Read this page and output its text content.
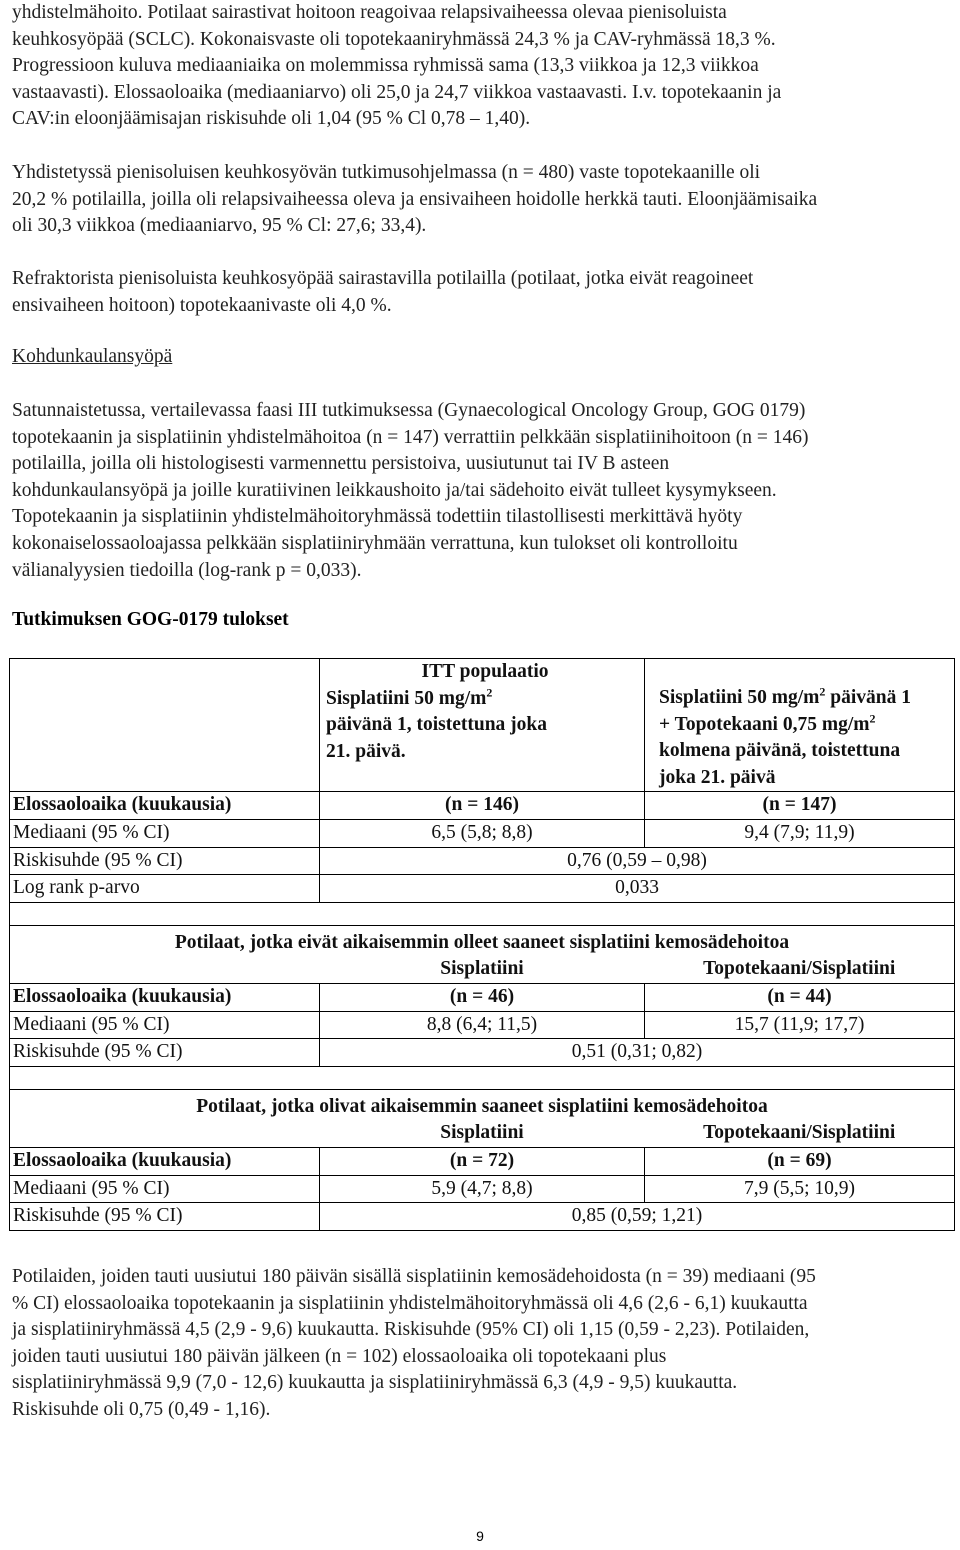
yhdistelmähoito. Potilaat sairastivat hoitoon reagoivaa relapsivaiheessa olevaa pienisoluista
keuhkosyöpää (SCLC). Kokonaisvaste oli topotekaaniryhmässä 24,3 % ja CAV-ryhmässä 18,3 %.
Progressioon kuluva mediaaniaika on molemmissa ryhmissä sama (13,3 viikkoa ja 12,3 viikkoa
vastaavasti). Elossaoloaika (mediaaniarvo) oli 25,0 ja 24,7 viikkoa vastaavasti. I.v. topotekaanin ja
CAV:in eloonjäämisajan riskisuhde oli 1,04 (95 % Cl 0,78 – 1,40).

Yhdistetyssä pienisoluisen keuhkosyövän tutkimusohjelmassa (n = 480) vaste topotekaanille oli
20,2 % potilailla, joilla oli relapsivaiheessa oleva ja ensivaiheen hoidolle herkkä tauti. Eloonjäämisaika
oli 30,3 viikkoa (mediaaniarvo, 95 % Cl: 27,6; 33,4).

Refraktorista pienisoluista keuhkosyöpää sairastavilla potilailla (potilaat, jotka eivät reagoineet
ensivaiheen hoitoon) topotekaanivaste oli 4,0 %.

Kohdunkaulansyöpä

Satunnaistetussa, vertailevassa faasi III tutkimuksessa (Gynaecological Oncology Group, GOG 0179)
topotekaanin ja sisplatiinin yhdistelmähoitoa (n = 147) verrattiin pelkkään sisplatiinihoitoon (n = 146)
potilailla, joilla oli histologisesti varmennettu persistoiva, uusiutunut tai IV B asteen
kohdunkaulansyöpä ja joille kuratiivinen leikkaushoito ja/tai sädehoito eivät tulleet kysymykseen.
Topotekaanin ja sisplatiinin yhdistelmähoitoryhmässä todettiin tilastollisesti merkittävä hyöty
kokonaiselossaoloajassa pelkkään sisplatiiniryhmään verrattuna, kun tulokset oli kontrolloitu
välianalyysien tiedoilla (log-rank p = 0,033).

Tutkimuksen GOG-0179 tulokset

	ITT populaatio
Sisplatiini 50 $mg/m^2$
päivänä 1, toistettuna joka
21. päivä.	Sisplatiini 50 $mg/m^2$ päivänä 1
+ Topotekaani 0,75 $mg/m^2$
kolmena päivänä, toistettuna
joka 21. päivä

Elossaoloaika (kuukausia)	(n = 146)	(n = 147)
Mediaani (95 % CI)	6,5 (5,8; 8,8)	9,4 (7,9; 11,9)
Riskisuhde (95 % CI)	0,76 (0,59 – 0,98)	
Log rank p-arvo	0,033	

Potilaat, jotka eivät aikaisemmin olleet saaneet sisplatiini kemosädehoitoa
Sisplatiini Topotekaani/Sisplatiini		

Elossaoloaika (kuukausia)	(n = 46)	(n = 44)
Mediaani (95 % CI)	8,8 (6,4; 11,5)	15,7 (11,9; 17,7)
Riskisuhde (95 % CI)	0,51 (0,31; 0,82)	

Potilaat, jotka olivat aikaisemmin saaneet sisplatiini kemosädehoitoa
Sisplatiini Topotekaani/Sisplatiini		

Elossaoloaika (kuukausia)	(n = 72)	(n = 69)
Mediaani (95 % CI)	5,9 (4,7; 8,8)	7,9 (5,5; 10,9)
Riskisuhde (95 % CI)	0,85 (0,59; 1,21)	

Potilaiden, joiden tauti uusiutui 180 päivän sisällä sisplatiinin kemosädehoidosta (n = 39) mediaani (95
% CI) elossaoloaika topotekaanin ja sisplatiinin yhdistelmähoitoryhmässä oli 4,6 (2,6 - 6,1) kuukautta
ja sisplatiiniryhmässä 4,5 (2,9 - 9,6) kuukautta. Riskisuhde (95% CI) oli 1,15 (0,59 - 2,23). Potilaiden,
joiden tauti uusiutui 180 päivän jälkeen (n = 102) elossaoloaika oli topotekaani plus
sisplatiiniryhmässä 9,9 (7,0 - 12,6) kuukautta ja sisplatiiniryhmässä 6,3 (4,9 - 9,5) kuukautta.
Riskisuhde oli 0,75 (0,49 - 1,16).

9
